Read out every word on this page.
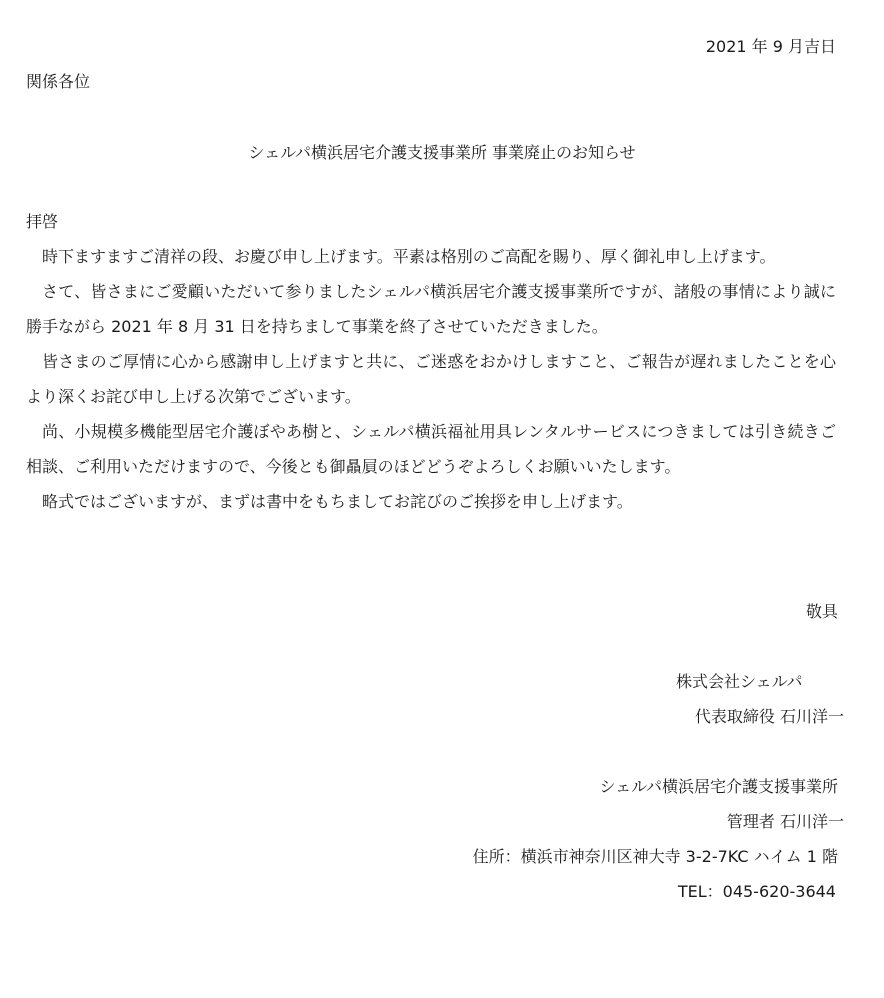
2021 年 9 月吉日
関係各位
シェルパ横浜居宅介護支援事業所 事業廃止のお知らせ
拝啓

時下ますますご清祥の段、お慶び申し上げます。平素は格別のご高配を賜り、厚く御礼申し上げます。

さて、皆さまにご愛顧いただいて参りましたシェルパ横浜居宅介護支援事業所ですが、諸般の事情により誠に勝手ながら 2021 年 8 月 31 日を持ちまして事業を終了させていただきました。

皆さまのご厚情に心から感謝申し上げますと共に、ご迷惑をおかけしますこと、ご報告が遅れましたことを心より深くお詫び申し上げる次第でございます。

尚、小規模多機能型居宅介護ぼやあ樹と、シェルパ横浜福祉用具レンタルサービスにつきましては引き続きご相談、ご利用いただけますので、今後とも御贔屓のほどどうぞよろしくお願いいたします。

略式ではございますが、まずは書中をもちましてお詫びのご挨拶を申し上げます。

敬具
株式会社シェルパ
代表取締役 石川洋一
シェルパ横浜居宅介護支援事業所
管理者 石川洋一
住所：横浜市神奈川区神大寺 3-2-7KC ハイム 1 階
TEL：045-620-3644
